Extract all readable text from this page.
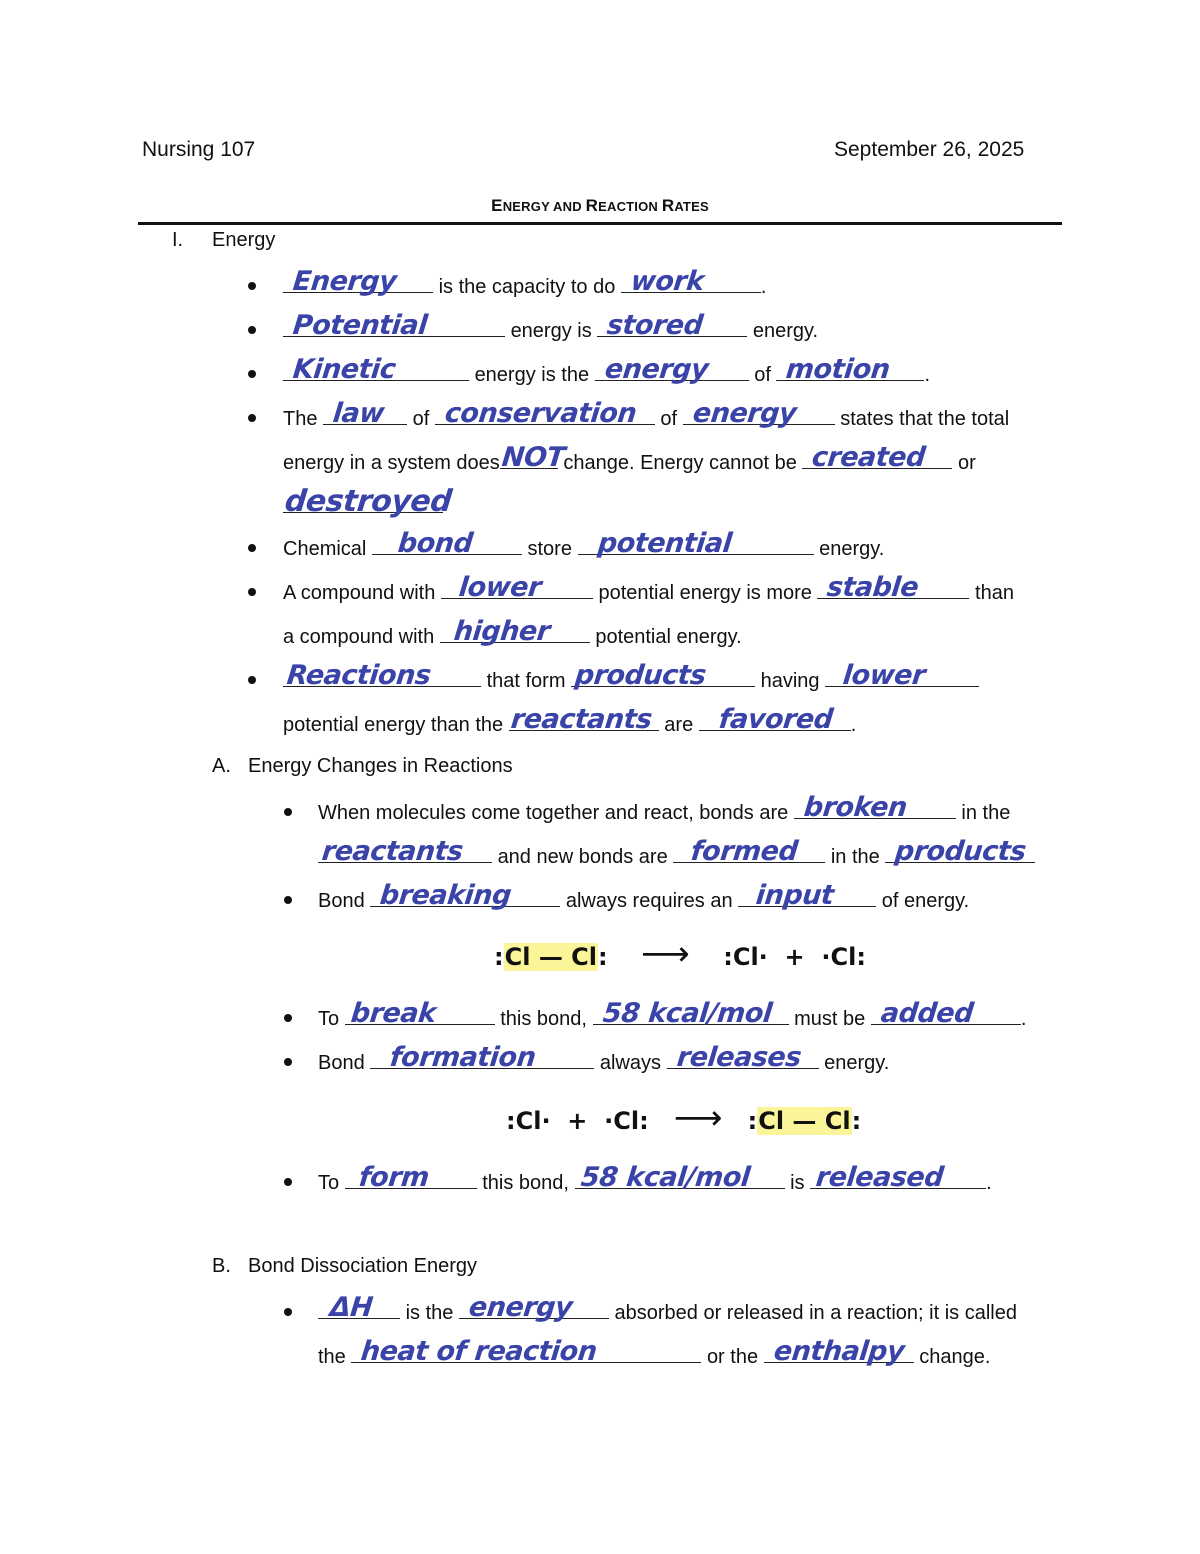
Nursing 107	September 26, 2025
ENERGY AND REACTION RATES
I. Energy
Energy is the capacity to do work	.
Potential	energy is stored energy.
Kinetic	energy is the energy of motion .
The law of conservation of energy states that the total
energy in a system does NOT
change. Energy cannot be created or
destroyed
Chemical bond	store potential	energy.
A compound with lower	potential energy is more stable	than
a compound with higher potential energy.
Reactions	that form products	having lower
potential energy than the reactants are favored .
A. Energy Changes in Reactions
When molecules come together and react, bonds are broken	in the
reactants and new bonds are formed in the products
Bond breaking	always requires an input of energy.
:Cl — Cl: ⟶ :Cl· + ·Cl:
To break	this bond, 58 kcal/mol must be added .
Bond formation	always releases energy.
:Cl· + ·Cl: ⟶ :Cl — Cl:
To form	this bond, 58 kcal/mol is released .
B. Bond Dissociation Energy
ΔH is the energy absorbed or released in a reaction; it is called
the heat of reaction	or the enthalpy change.
